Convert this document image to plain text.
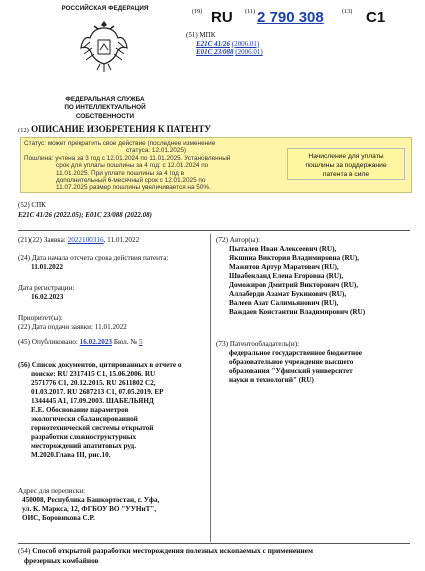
РОССИЙСКАЯ ФЕДЕРАЦИЯ
ФЕДЕРАЛЬНАЯ СЛУЖБА
ПО ИНТЕЛЛЕКТУАЛЬНОЙ СОБСТВЕННОСТИ
(19) RU (11) 2 790 308	(13) C1
(51) МПК
E21C 41/26 (2006.01)
E01C 23/088 (2006.01)
(12) ОПИСАНИЕ ИЗОБРЕТЕНИЯ К ПАТЕНТУ
Статус: может прекратить свое действие (последнее изменение
статуса: 12.01.2025)
Пошлина: учтена за 3 год с 12.01.2024 по 11.01.2025. Установленный
срок для уплаты пошлины за 4 год: с 12.01.2024 по
11.01.2025. При уплате пошлины за 4 год в
дополнительный 6-месячный срок с 12.01.2025 по
11.07.2025 размер пошлины увеличивается на 50%.
Начисление для уплаты
пошлины за поддержание
патента в силе
(52) СПК
E21C 41/26 (2022.05); E01C 23/088 (2022.08)
(21)(22) Заявка: 2022100316, 11.01.2022
(24) Дата начала отсчета срока действия патента:
11.01.2022
Дата регистрации:
16.02.2023
Приоритет(ы):
(22) Дата подачи заявки: 11.01.2022
(45) Опубликовано: 16.02.2023 Бюл. № 5
(56) Список документов, цитированных в отчете о
поиске: RU 2317415 C1, 15.06.2006. RU
2571776 C1, 20.12.2015. RU 2611802 C2,
01.03.2017. RU 2687213 C1, 07.05.2019. EP
1344445 A1, 17.09.2003. ШАБЕЛЬЯНД
Е.Е. Обоснование параметров
экологически сбалансированной
горнотехнической системы открытой
разработки сложноструктурных
месторождений апатитовых руд.
М.2020.Глава III, рис.10.
Адрес для переписки:
450008, Республика Башкортостан, г. Уфа,
ул. К. Маркса, 12, ФГБОУ ВО "УУНиТ",
ОИС, Боровикова С.Р.
(72) Автор(ы):
Пыталев Иван Алексеевич (RU),
Якшина Виктория Владимировна (RU),
Мажитов Артур Маратович (RU),
Швабенланд Елена Егоровна (RU),
Доможиров Дмитрий Викторович (RU),
Аллаберди Азамат Букинович (RU),
Валеев Азат Салимьянович (RU),
Важдаев Константин Владимирович (RU)
(73) Патентообладатель(и):
федеральное государственное бюджетное
образовательное учреждение высшего
образования "Уфимский университет
науки и технологий" (RU)
(54) Способ открытой разработки месторождения полезных ископаемых с применением
фрезерных комбайнов
